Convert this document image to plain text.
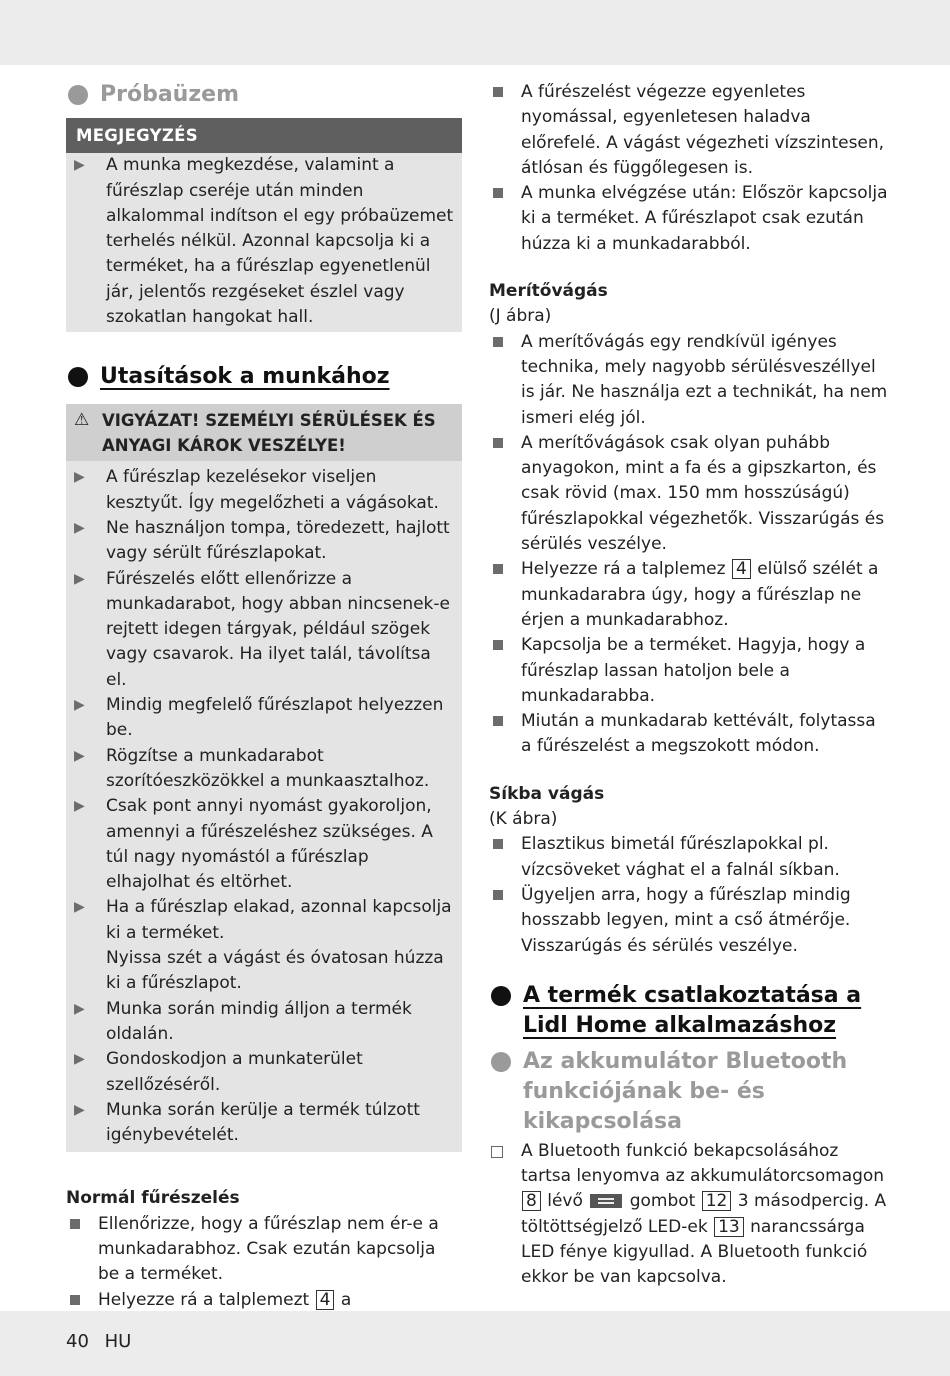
Próbaüzem
MEGJEGYZÉS
▶	A munka megkezdése, valamint a fűrészlap cseréje után minden alkalommal indítson el egy próbaüzemet terhelés nélkül. Azonnal kapcsolja ki a terméket, ha a fűrészlap egyenetlenül jár, jelentős rezgéseket észlel vagy szokatlan hangokat hall.
Utasítások a munkához
⚠ VIGYÁZAT! SZEMÉLYI SÉRÜLÉSEK ÉS ANYAGI KÁROK VESZÉLYE!
▶	A fűrészlap kezelésekor viseljen kesztyűt. Így megelőzheti a vágásokat.
▶	Ne használjon tompa, töredezett, hajlott vagy sérült fűrészlapokat.
▶	Fűrészelés előtt ellenőrizze a munkadarabot, hogy abban nincsenek-e rejtett idegen tárgyak, például szögek vagy csavarok. Ha ilyet talál, távolítsa el.
▶	Mindig megfelelő fűrészlapot helyezzen be.
▶	Rögzítse a munkadarabot szorítóeszközökkel a munkaasztalhoz.
▶	Csak pont annyi nyomást gyakoroljon, amennyi a fűrészeléshez szükséges. A túl nagy nyomástól a fűrészlap elhajolhat és eltörhet.
▶	Ha a fűrészlap elakad, azonnal kapcsolja ki a terméket.
Nyissa szét a vágást és óvatosan húzza ki a fűrészlapot.
▶	Munka során mindig álljon a termék oldalán.
▶	Gondoskodjon a munkaterület szellőzéséről.
▶	Munka során kerülje a termék túlzott igénybevételét.
Normál fűrészelés
Ellenőrizze, hogy a fűrészlap nem ér-e a munkadarabhoz. Csak ezután kapcsolja be a terméket.
Helyezze rá a talplemezt 4 a
A fűrészelést végezze egyenletes nyomással, egyenletesen haladva előrefelé. A vágást végezheti vízszintesen, átlósan és függőlegesen is.
A munka elvégzése után: Először kapcsolja ki a terméket. A fűrészlapot csak ezután húzza ki a munkadarabból.
Merítővágás
(J ábra)
A merítővágás egy rendkívül igényes technika, mely nagyobb sérülésveszéllyel is jár. Ne használja ezt a technikát, ha nem ismeri elég jól.
A merítővágások csak olyan puhább anyagokon, mint a fa és a gipszkarton, és csak rövid (max. 150 mm hosszúságú) fűrészlapokkal végezhetők. Visszarúgás és sérülés veszélye.
Helyezze rá a talplemez 4 elülső szélét a munkadarabra úgy, hogy a fűrészlap ne érjen a munkadarabhoz.
Kapcsolja be a terméket. Hagyja, hogy a fűrészlap lassan hatoljon bele a munkadarabba.
Miután a munkadarab kettévált, folytassa a fűrészelést a megszokott módon.
Síkba vágás
(K ábra)
Elasztikus bimetál fűrészlapokkal pl. vízcsöveket vághat el a falnál síkban.
Ügyeljen arra, hogy a fűrészlap mindig hosszabb legyen, mint a cső átmérője. Visszarúgás és sérülés veszélye.
A termék csatlakoztatása a Lidl Home alkalmazáshoz
Az akkumulátor Bluetooth funkciójának be- és kikapcsolása
A Bluetooth funkció bekapcsolásához tartsa lenyomva az akkumulátorcsomagon 8 lévő	gombot 12 3 másodpercig. A töltöttségjelző LED-ek 13 narancssárga LED fénye kigyullad. A Bluetooth funkció ekkor be van kapcsolva.
40 HU
